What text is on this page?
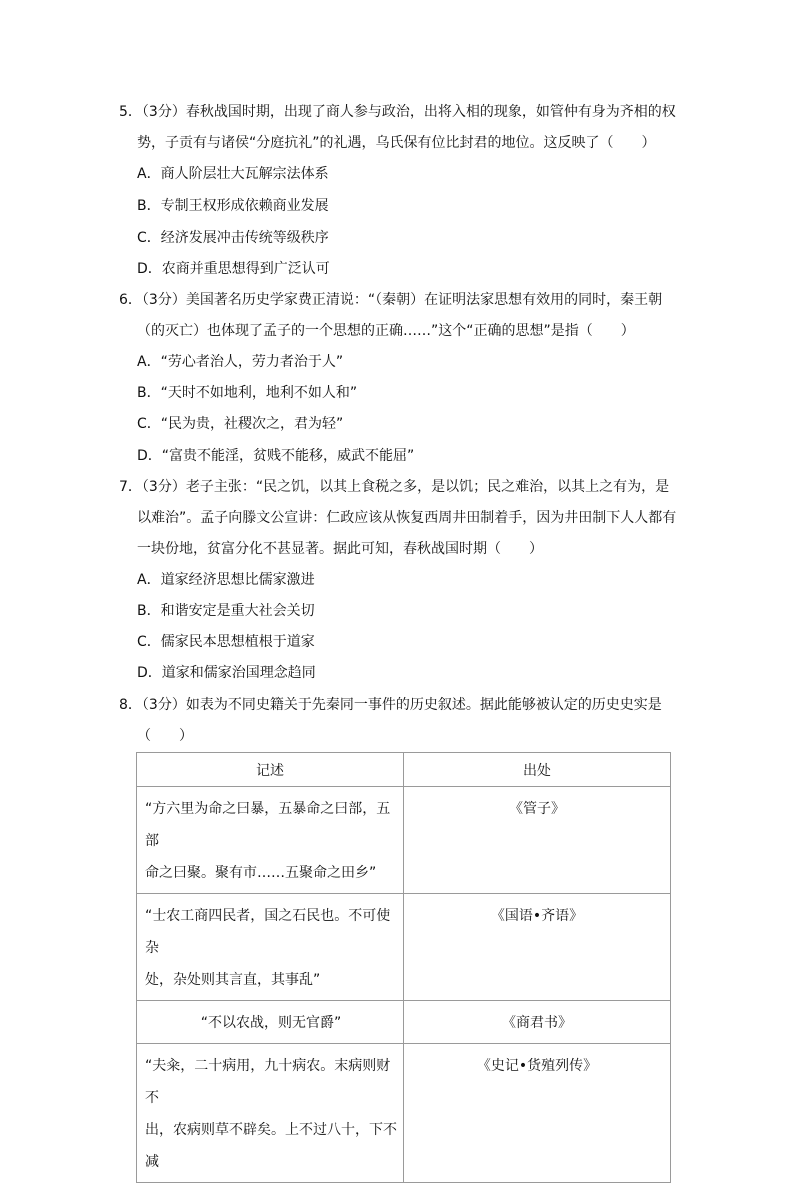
5．（3分）春秋战国时期，出现了商人参与政治，出将入相的现象，如管仲有身为齐相的权
势，子贡有与诸侯“分庭抗礼”的礼遇，乌氏保有位比封君的地位。这反映了（　　）
A．商人阶层壮大瓦解宗法体系
B．专制王权形成依赖商业发展
C．经济发展冲击传统等级秩序
D．农商并重思想得到广泛认可
6．（3分）美国著名历史学家费正清说：“（秦朝）在证明法家思想有效用的同时，秦王朝
（的灭亡）也体现了孟子的一个思想的正确……”这个“正确的思想”是指（　　）
A．“劳心者治人，劳力者治于人”
B．“天时不如地利，地利不如人和”
C．“民为贵，社稷次之，君为轻”
D．“富贵不能淫，贫贱不能移，威武不能屈”
7．（3分）老子主张：“民之饥，以其上食税之多，是以饥；民之难治，以其上之有为，是
以难治”。孟子向滕文公宣讲：仁政应该从恢复西周井田制着手，因为井田制下人人都有
一块份地，贫富分化不甚显著。据此可知，春秋战国时期（　　）
A．道家经济思想比儒家激进
B．和谐安定是重大社会关切
C．儒家民本思想植根于道家
D．道家和儒家治国理念趋同
8．（3分）如表为不同史籍关于先秦同一事件的历史叙述。据此能够被认定的历史史实是
（　　）
记述	出处

“方六里为命之曰暴，五暴命之曰部，五部
命之曰聚。聚有市……五聚命之田乡”	《管子》

“士农工商四民者，国之石民也。不可使杂
处，杂处则其言直，其事乱”	《国语•齐语》

“不以农战，则无官爵”	《商君书》

“夫籴，二十病用，九十病农。末病则财不
出，农病则草不辟矣。上不过八十，下不减	《史记•货殖列传》
